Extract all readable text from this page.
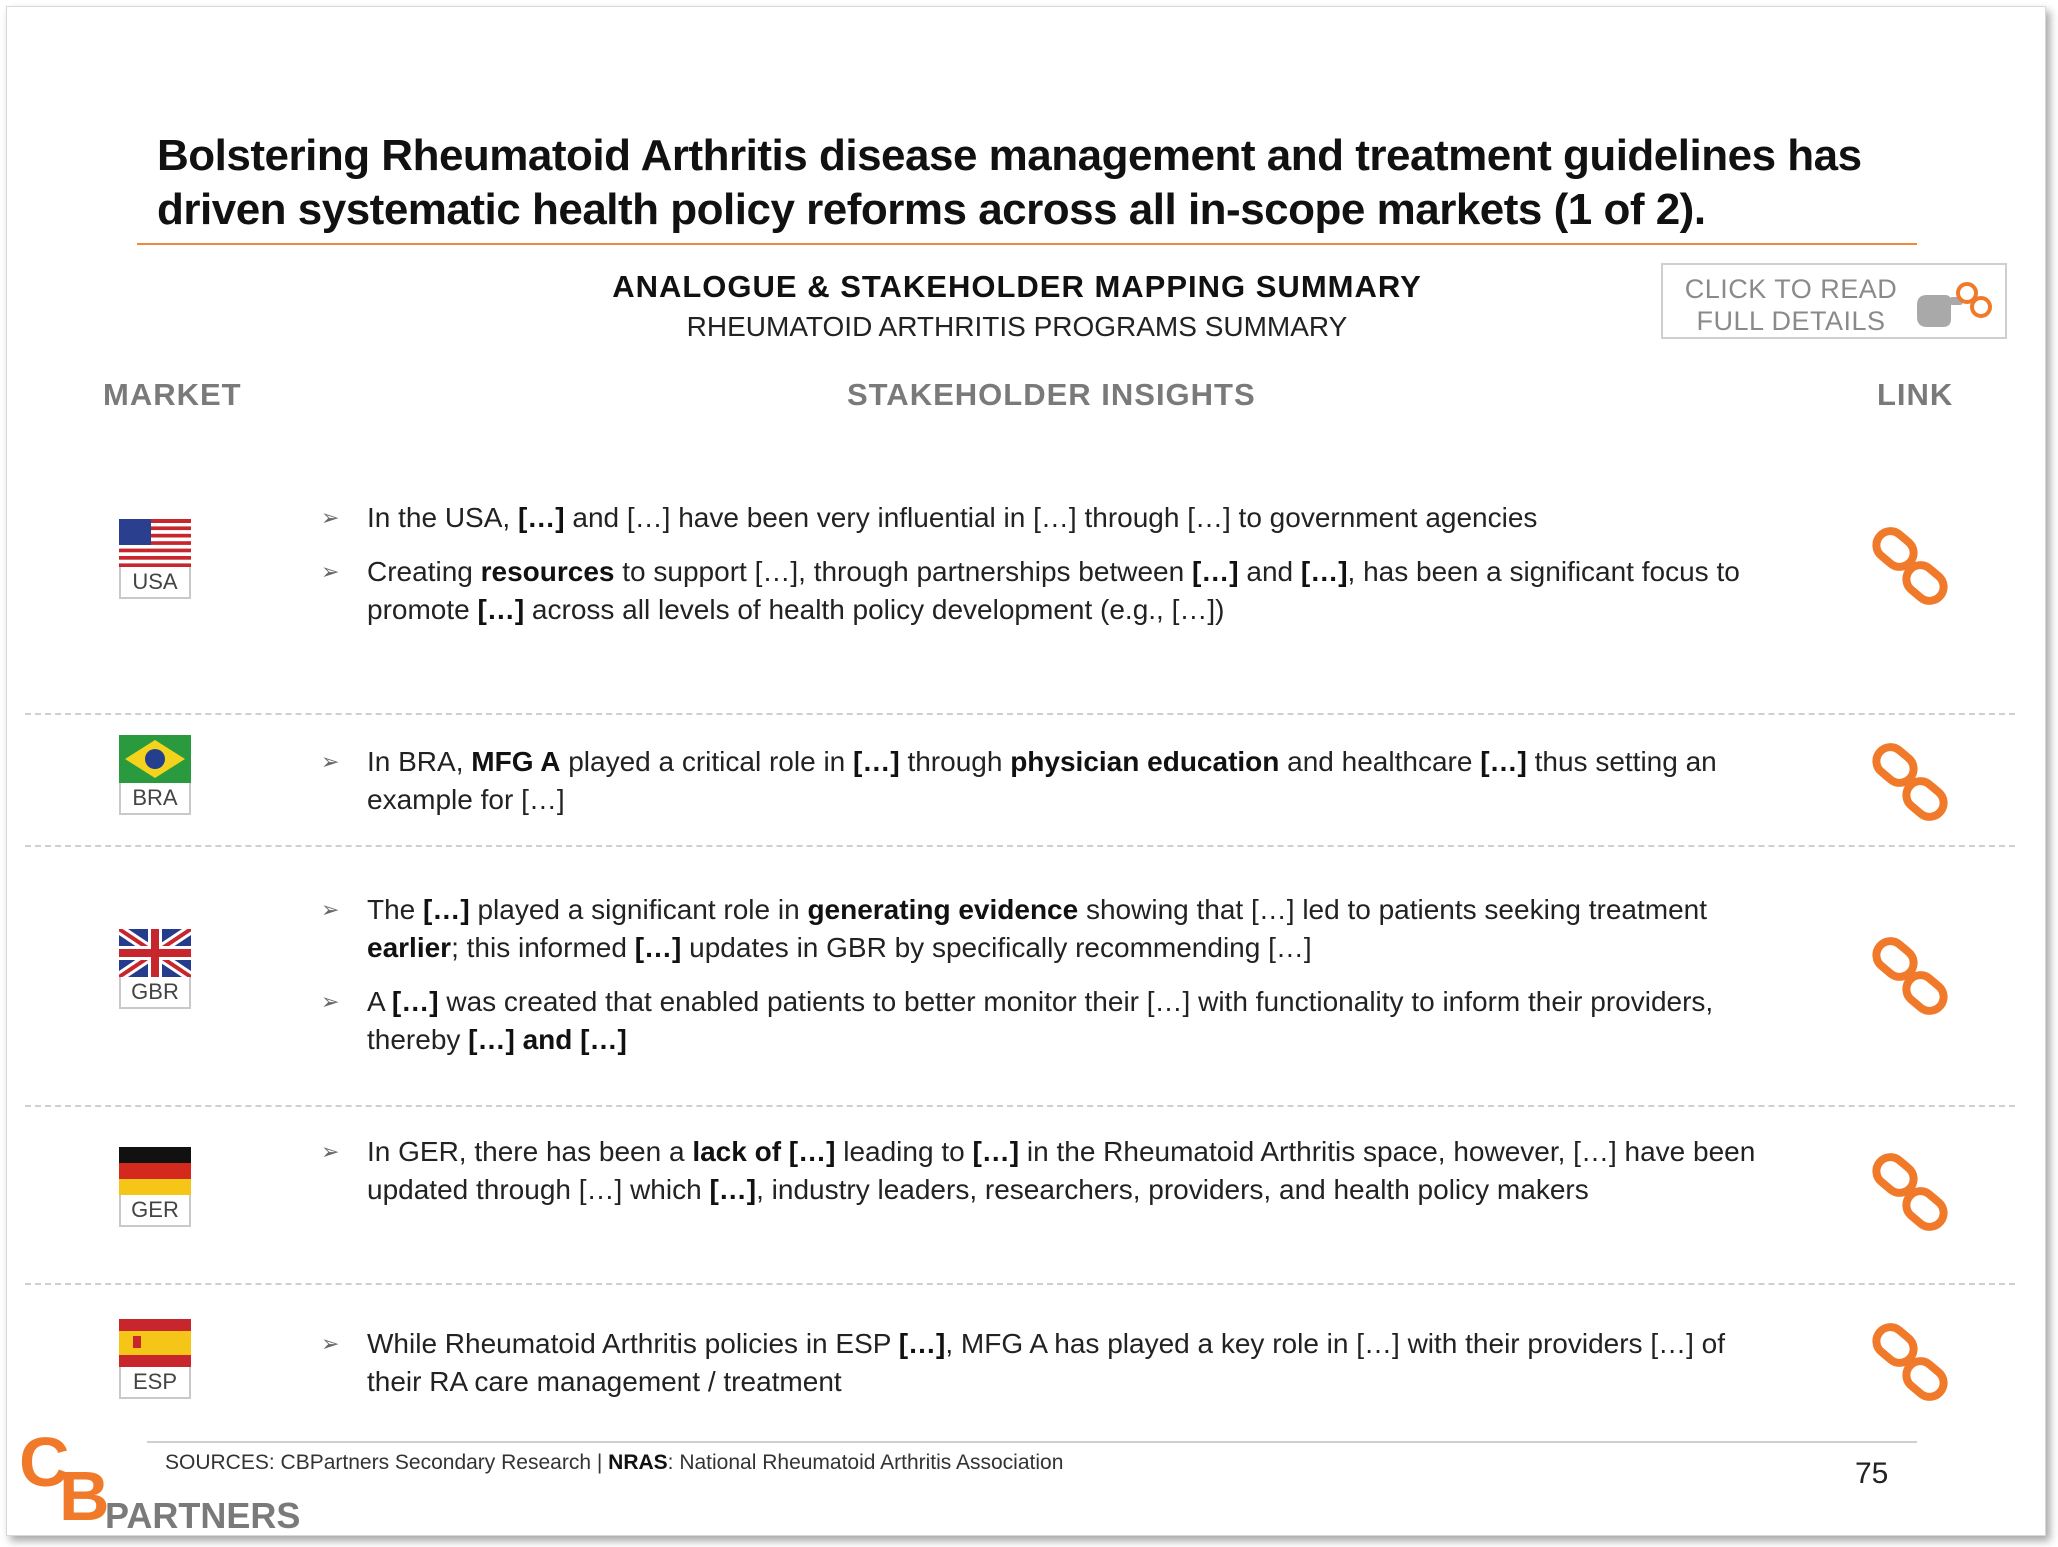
Bolstering Rheumatoid Arthritis disease management and treatment guidelines has driven systematic health policy reforms across all in-scope markets (1 of 2).
ANALOGUE & STAKEHOLDER MAPPING SUMMARY
RHEUMATOID ARTHRITIS PROGRAMS SUMMARY
CLICK TO READ
FULL DETAILS
MARKET	STAKEHOLDER INSIGHTS	LINK
USA
➢ In the USA, […] and […] have been very influential in […] through […] to government agencies
➢ Creating resources to support […], through partnerships between […] and […], has been a significant focus to promote […] across all levels of health policy development (e.g., […])
BRA
➢ In BRA, MFG A played a critical role in […] through physician education and healthcare […] thus setting an example for […]
GBR
➢ The […] played a significant role in generating evidence showing that […] led to patients seeking treatment earlier; this informed […] updates in GBR by specifically recommending […]
➢ A […] was created that enabled patients to better monitor their […] with functionality to inform their providers, thereby […] and […]
GER
➢ In GER, there has been a lack of […] leading to […] in the Rheumatoid Arthritis space, however, […] have been updated through […] which […], industry leaders, researchers, providers, and health policy makers
ESP
➢ While Rheumatoid Arthritis policies in ESP […], MFG A has played a key role in […] with their providers […] of their RA care management / treatment
SOURCES: CBPartners Secondary Research | NRAS: National Rheumatoid Arthritis Association	75
C
B
PARTNERS
